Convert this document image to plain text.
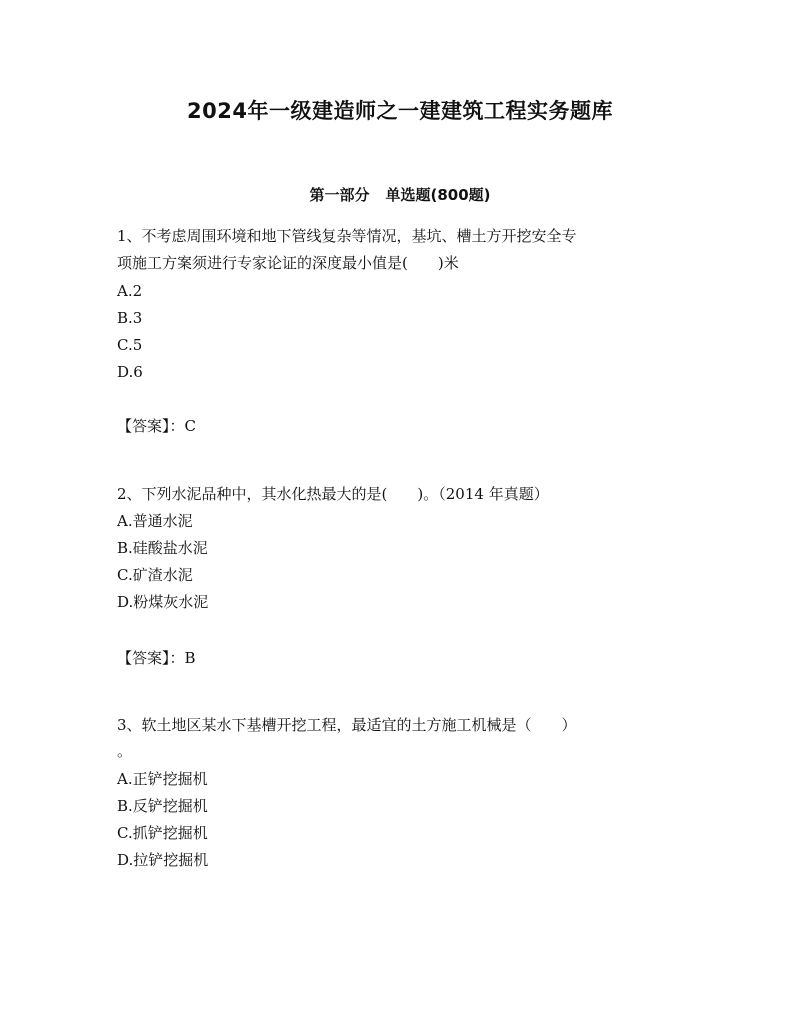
2024年一级建造师之一建建筑工程实务题库
第一部分 单选题(800题)
1、不考虑周围环境和地下管线复杂等情况，基坑、槽土方开挖安全专
项施工方案须进行专家论证的深度最小值是(　　)米
A.2
B.3
C.5
D.6
【答案】：C
2、下列水泥品种中，其水化热最大的是(　　)。（2014 年真题）
A.普通水泥
B.硅酸盐水泥
C.矿渣水泥
D.粉煤灰水泥
【答案】：B
3、软土地区某水下基槽开挖工程，最适宜的土方施工机械是（　　）
。
A.正铲挖掘机
B.反铲挖掘机
C.抓铲挖掘机
D.拉铲挖掘机
